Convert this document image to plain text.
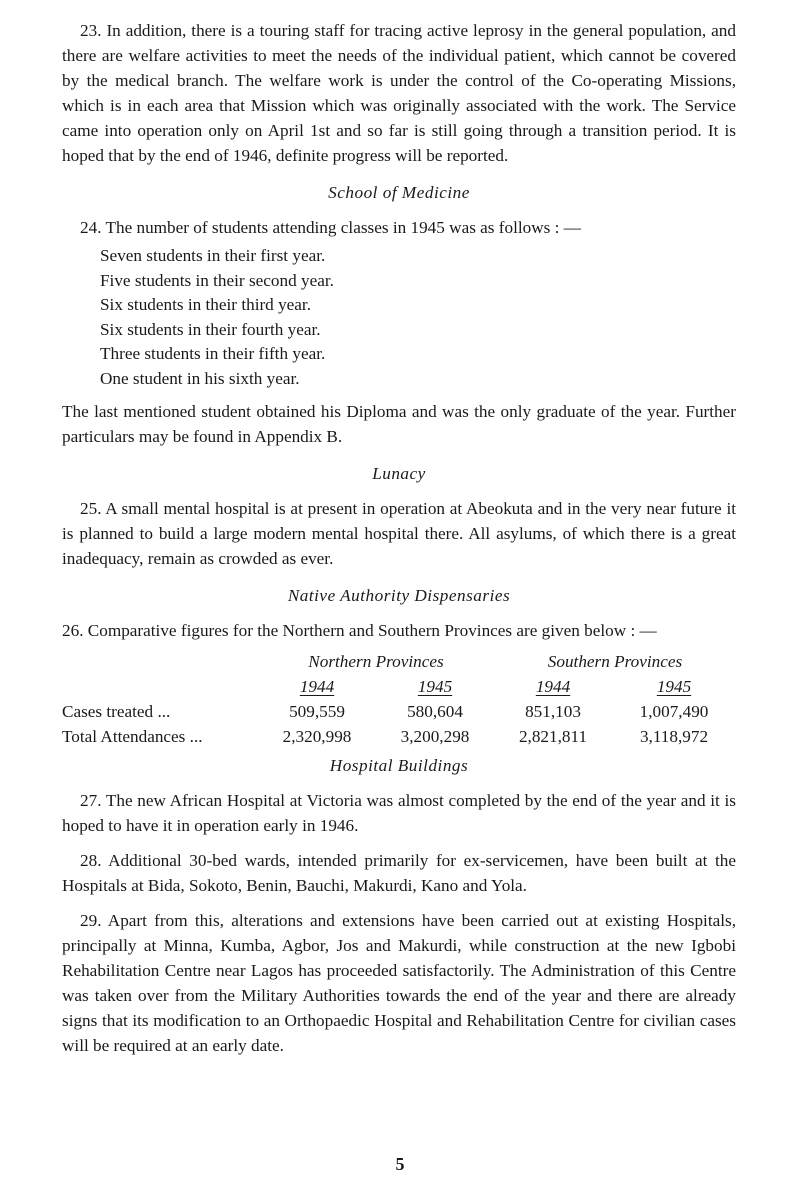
23. In addition, there is a touring staff for tracing active leprosy in the general population, and there are welfare activities to meet the needs of the individual patient, which cannot be covered by the medical branch. The welfare work is under the control of the Co-operating Missions, which is in each area that Mission which was originally associated with the work. The Service came into operation only on April 1st and so far is still going through a transition period. It is hoped that by the end of 1946, definite progress will be reported.

School of Medicine

24. The number of students attending classes in 1945 was as follows : —

Seven students in their first year.
Five students in their second year.
Six students in their third year.
Six students in their fourth year.
Three students in their fifth year.
One student in his sixth year.

The last mentioned student obtained his Diploma and was the only graduate of the year. Further particulars may be found in Appendix B.

Lunacy

25. A small mental hospital is at present in operation at Abeokuta and in the very near future it is planned to build a large modern mental hospital there. All asylums, of which there is a great inadequacy, remain as crowded as ever.

Native Authority Dispensaries

26. Comparative figures for the Northern and Southern Provinces are given below : —

	Northern Provinces		Southern Provinces	
	1944	1945	1944	1945
Cases treated ...	509,559	580,604	851,103	1,007,490
Total Attendances ...	2,320,998	3,200,298	2,821,811	3,118,972
Hospital Buildings

27. The new African Hospital at Victoria was almost completed by the end of the year and it is hoped to have it in operation early in 1946.

28. Additional 30-bed wards, intended primarily for ex-servicemen, have been built at the Hospitals at Bida, Sokoto, Benin, Bauchi, Makurdi, Kano and Yola.

29. Apart from this, alterations and extensions have been carried out at existing Hospitals, principally at Minna, Kumba, Agbor, Jos and Makurdi, while construction at the new Igbobi Rehabilitation Centre near Lagos has proceeded satisfactorily. The Administration of this Centre was taken over from the Military Authorities towards the end of the year and there are already signs that its modification to an Orthopaedic Hospital and Rehabilitation Centre for civilian cases will be required at an early date.

5
